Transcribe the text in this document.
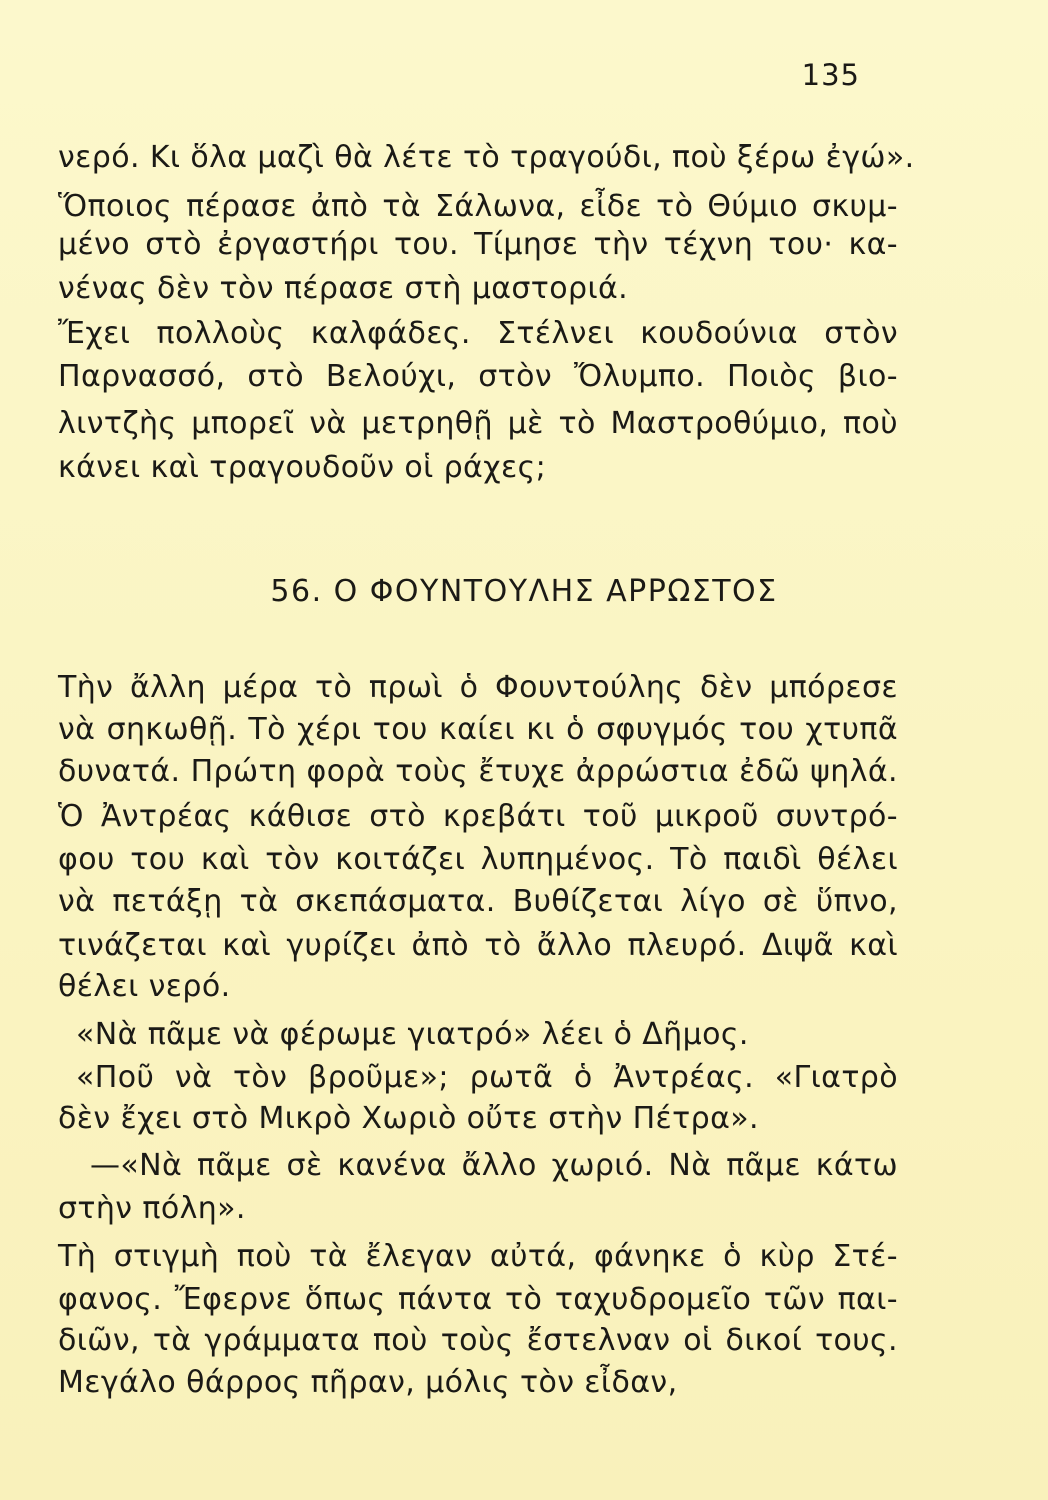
135
νερό. Κι ὅλα μαζὶ θὰ λέτε τὸ τραγούδι, ποὺ ξέρω ἐγώ».
Ὅποιος πέρασε ἀπὸ τὰ Σάλωνα, εἶδε τὸ Θύμιο σκυμ-
μένο στὸ ἐργαστήρι του. Τίμησε τὴν τέχνη του· κα-
νένας δὲν τὸν πέρασε στὴ μαστοριά.
Ἔχει πολλοὺς καλφάδες. Στέλνει κουδούνια στὸν
Παρνασσό, στὸ Βελούχι, στὸν Ὄλυμπο. Ποιὸς βιο-
λιντζὴς μπορεῖ νὰ μετρηθῇ μὲ τὸ Μαστροθύμιο, ποὺ
κάνει καὶ τραγουδοῦν οἱ ράχες;
56. Ο ΦΟΥΝΤΟΥΛΗΣ ΑΡΡΩΣΤΟΣ
Τὴν ἄλλη μέρα τὸ πρωὶ ὁ Φουντούλης δὲν μπόρεσε
νὰ σηκωθῇ. Τὸ χέρι του καίει κι ὁ σφυγμός του χτυπᾶ
δυνατά. Πρώτη φορὰ τοὺς ἔτυχε ἀρρώστια ἐδῶ ψηλά.
Ὁ Ἀντρέας κάθισε στὸ κρεβάτι τοῦ μικροῦ συντρό-
φου του καὶ τὸν κοιτάζει λυπημένος. Τὸ παιδὶ θέλει
νὰ πετάξῃ τὰ σκεπάσματα. Βυθίζεται λίγο σὲ ὕπνο,
τινάζεται καὶ γυρίζει ἀπὸ τὸ ἄλλο πλευρό. Διψᾶ καὶ
θέλει νερό.
«Νὰ πᾶμε νὰ φέρωμε γιατρό» λέει ὁ Δῆμος.
«Ποῦ νὰ τὸν βροῦμε»; ρωτᾶ ὁ Ἀντρέας. «Γιατρὸ
δὲν ἔχει στὸ Μικρὸ Χωριὸ οὔτε στὴν Πέτρα».
—«Νὰ πᾶμε σὲ κανένα ἄλλο χωριό. Νὰ πᾶμε κάτω
στὴν πόλη».
Τὴ στιγμὴ ποὺ τὰ ἔλεγαν αὐτά, φάνηκε ὁ κὺρ Στέ-
φανος. Ἔφερνε ὅπως πάντα τὸ ταχυδρομεῖο τῶν παι-
διῶν, τὰ γράμματα ποὺ τοὺς ἔστελναν οἱ δικοί τους.
Μεγάλο θάρρος πῆραν, μόλις τὸν εἶδαν,
